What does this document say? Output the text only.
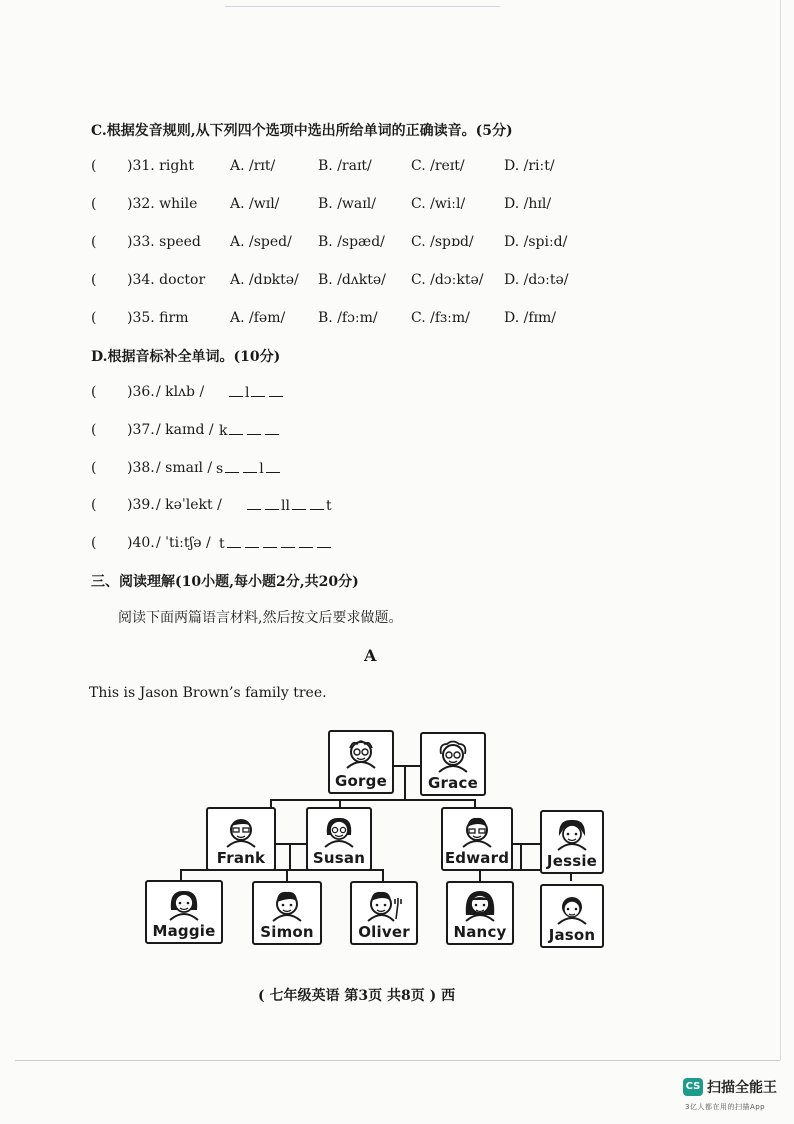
C.根据发音规则,从下列四个选项中选出所给单词的正确读音。(5分)
( )31. right	A. /rɪt/	B. /raɪt/	C. /reɪt/	D. /riːt/
( )32. while A. /wɪl/	B. /waɪl/	C. /wiːl/	D. /hɪl/
( )33. speed A. /sped/ B. /spæd/ C. /spɒd/ D. /spiːd/
( )34. doctor A. /dɒktə/ B. /dʌktə/ C. /dɔːktə/ D. /dɔːtə/
( )35. firm	A. /fəm/ B. /fɔːm/ C. /fɜːm/ D. /fɪm/
D.根据音标补全单词。(10分)
( )36. / klʌb /	l
( )37. / kaɪnd / k
( )38. / smaɪl / s	l
( )39. / kəˈlekt /	ll	t
( )40. / ˈtiːtʃə / t
三、阅读理解(10小题,每小题2分,共20分)
阅读下面两篇语言材料,然后按文后要求做题。
A
This is Jason Brown’s family tree.
Gorge	Grace
Frank	Susan	Edward	Jessie
Maggie	Simon	Oliver	Nancy	Jason
( 七年级英语 第3页 共8页 ) 西
CS 扫描全能王
3亿人都在用的扫描App
